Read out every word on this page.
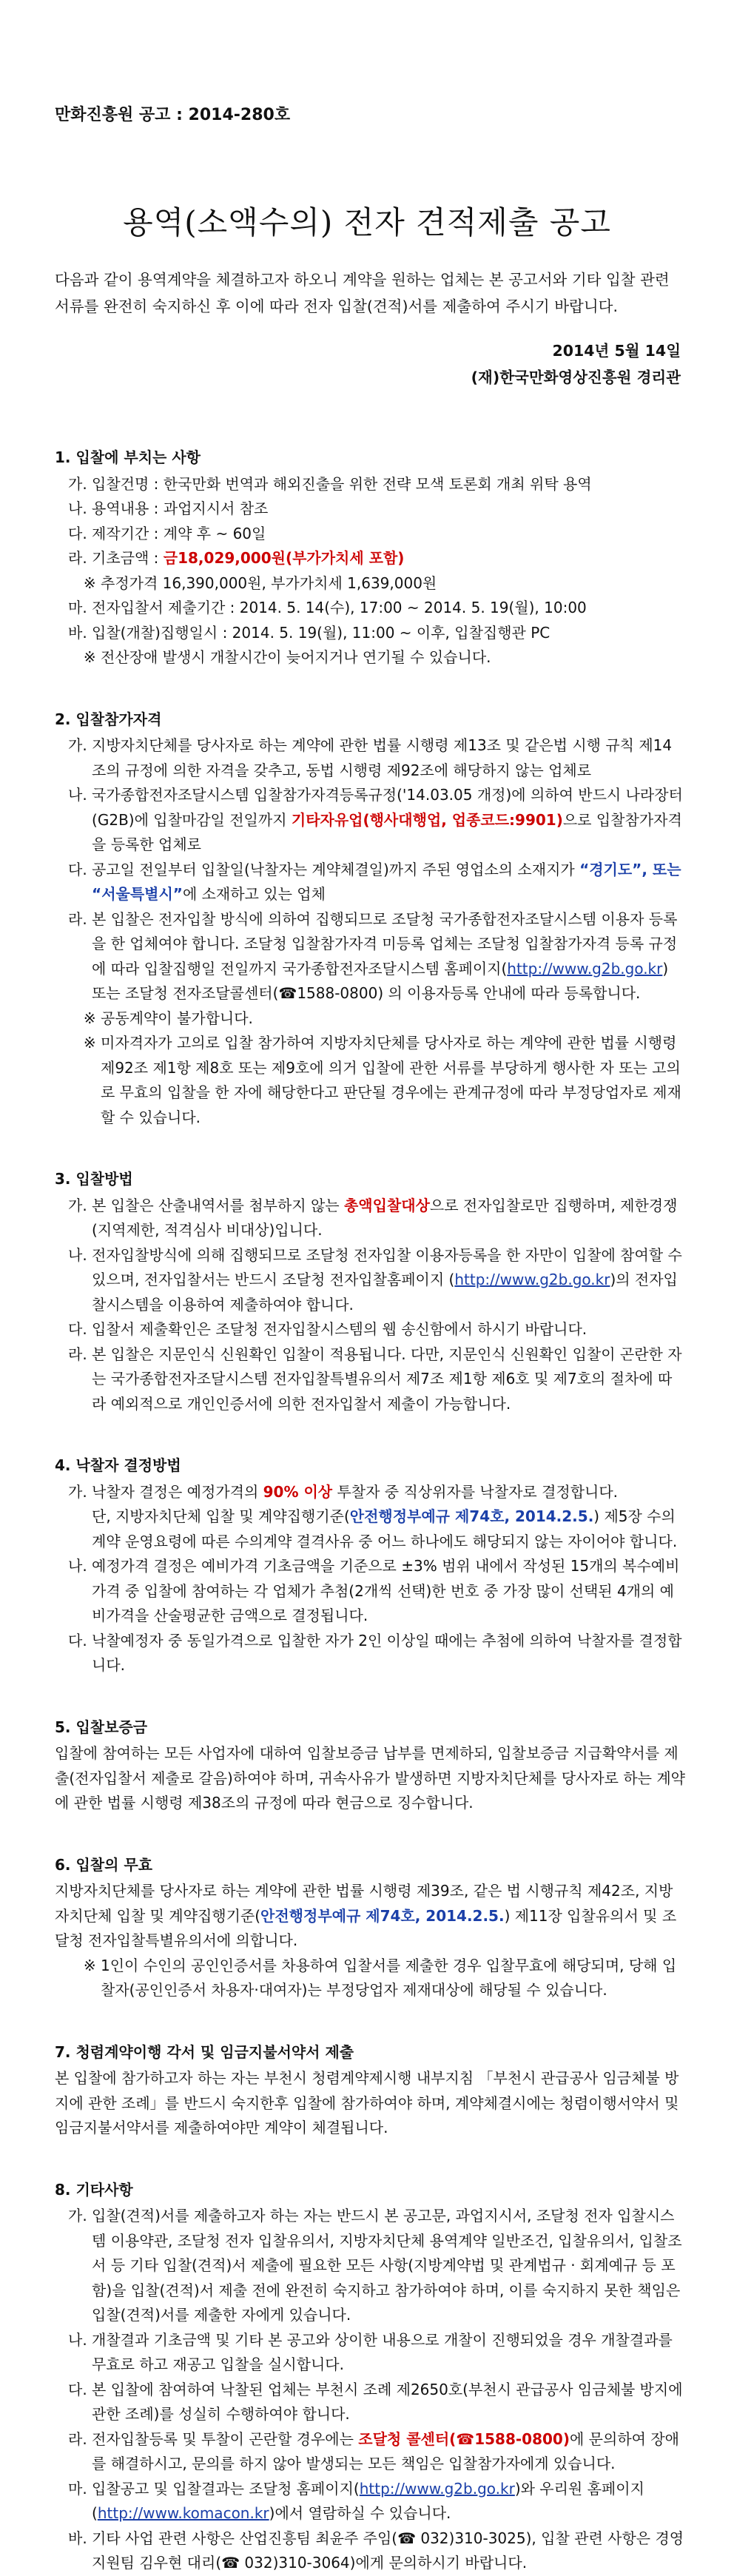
만화진흥원 공고 : 2014-280호
용역(소액수의) 전자 견적제출 공고
다음과 같이 용역계약을 체결하고자 하오니 계약을 원하는 업체는 본 공고서와 기타 입찰 관련서류를 완전히 숙지하신 후 이에 따라 전자 입찰(견적)서를 제출하여 주시기 바랍니다.
2014년 5월 14일
(재)한국만화영상진흥원 경리관
1. 입찰에 부치는 사항
가. 입찰건명 : 한국만화 번역과 해외진출을 위한 전략 모색 토론회 개최 위탁 용역
나. 용역내용 : 과업지시서 참조
다. 제작기간 : 계약 후 ~ 60일
라. 기초금액 : 금18,029,000원(부가가치세 포함)
※ 추정가격 16,390,000원, 부가가치세 1,639,000원
마. 전자입찰서 제출기간 : 2014. 5. 14(수), 17:00 ~ 2014. 5. 19(월), 10:00
바. 입찰(개찰)집행일시 : 2014. 5. 19(월), 11:00 ~ 이후, 입찰집행관 PC
※ 전산장애 발생시 개찰시간이 늦어지거나 연기될 수 있습니다.
2. 입찰참가자격
가. 지방자치단체를 당사자로 하는 계약에 관한 법률 시행령 제13조 및 같은법 시행 규칙 제14조의 규정에 의한 자격을 갖추고, 동법 시행령 제92조에 해당하지 않는 업체로
나. 국가종합전자조달시스템 입찰참가자격등록규정('14.03.05 개정)에 의하여 반드시 나라장터(G2B)에 입찰마감일 전일까지 기타자유업(행사대행업, 업종코드:9901)으로 입찰참가자격을 등록한 업체로
다. 공고일 전일부터 입찰일(낙찰자는 계약체결일)까지 주된 영업소의 소재지가 “경기도”, 또는 “서울특별시”에 소재하고 있는 업체
라. 본 입찰은 전자입찰 방식에 의하여 집행되므로 조달청 국가종합전자조달시스템 이용자 등록을 한 업체여야 합니다. 조달청 입찰참가자격 미등록 업체는 조달청 입찰참가자격 등록 규정에 따라 입찰집행일 전일까지 국가종합전자조달시스템 홈페이지(http://www.g2b.go.kr) 또는 조달청 전자조달콜센터(☎1588-0800) 의 이용자등록 안내에 따라 등록합니다.
※ 공동계약이 불가합니다.
※ 미자격자가 고의로 입찰 참가하여 지방자치단체를 당사자로 하는 계약에 관한 법률 시행령 제92조 제1항 제8호 또는 제9호에 의거 입찰에 관한 서류를 부당하게 행사한 자 또는 고의로 무효의 입찰을 한 자에 해당한다고 판단될 경우에는 관계규정에 따라 부정당업자로 제재할 수 있습니다.
3. 입찰방법
가. 본 입찰은 산출내역서를 첨부하지 않는 총액입찰대상으로 전자입찰로만 집행하며, 제한경쟁(지역제한, 적격심사 비대상)입니다.
나. 전자입찰방식에 의해 집행되므로 조달청 전자입찰 이용자등록을 한 자만이 입찰에 참여할 수 있으며, 전자입찰서는 반드시 조달청 전자입찰홈페이지 (http://www.g2b.go.kr)의 전자입찰시스템을 이용하여 제출하여야 합니다.
다. 입찰서 제출확인은 조달청 전자입찰시스템의 웹 송신함에서 하시기 바랍니다.
라. 본 입찰은 지문인식 신원확인 입찰이 적용됩니다. 다만, 지문인식 신원확인 입찰이 곤란한 자는 국가종합전자조달시스템 전자입찰특별유의서 제7조 제1항 제6호 및 제7호의 절차에 따라 예외적으로 개인인증서에 의한 전자입찰서 제출이 가능합니다.
4. 낙찰자 결정방법
가. 낙찰자 결정은 예정가격의 90% 이상 투찰자 중 직상위자를 낙찰자로 결정합니다.
단, 지방자치단체 입찰 및 계약집행기준(안전행정부예규 제74호, 2014.2.5.) 제5장 수의계약 운영요령에 따른 수의계약 결격사유 중 어느 하나에도 해당되지 않는 자이어야 합니다.
나. 예정가격 결정은 예비가격 기초금액을 기준으로 ±3% 범위 내에서 작성된 15개의 복수예비가격 중 입찰에 참여하는 각 업체가 추첨(2개씩 선택)한 번호 중 가장 많이 선택된 4개의 예비가격을 산술평균한 금액으로 결정됩니다.
다. 낙찰예정자 중 동일가격으로 입찰한 자가 2인 이상일 때에는 추첨에 의하여 낙찰자를 결정합니다.
5. 입찰보증금
입찰에 참여하는 모든 사업자에 대하여 입찰보증금 납부를 면제하되, 입찰보증금 지급확약서를 제출(전자입찰서 제출로 갈음)하여야 하며, 귀속사유가 발생하면 지방자치단체를 당사자로 하는 계약에 관한 법률 시행령 제38조의 규정에 따라 현금으로 징수합니다.
6. 입찰의 무효
지방자치단체를 당사자로 하는 계약에 관한 법률 시행령 제39조, 같은 법 시행규칙 제42조, 지방자치단체 입찰 및 계약집행기준(안전행정부예규 제74호, 2014.2.5.) 제11장 입찰유의서 및 조달청 전자입찰특별유의서에 의합니다.
※ 1인이 수인의 공인인증서를 차용하여 입찰서를 제출한 경우 입찰무효에 해당되며, 당해 입찰자(공인인증서 차용자·대여자)는 부정당업자 제재대상에 해당될 수 있습니다.
7. 청렴계약이행 각서 및 임금지불서약서 제출
본 입찰에 참가하고자 하는 자는 부천시 청렴계약제시행 내부지침 「부천시 관급공사 임금체불 방지에 관한 조례」를 반드시 숙지한후 입찰에 참가하여야 하며, 계약체결시에는 청렴이행서약서 및 임금지불서약서를 제출하여야만 계약이 체결됩니다.
8. 기타사항
가. 입찰(견적)서를 제출하고자 하는 자는 반드시 본 공고문, 과업지시서, 조달청 전자 입찰시스템 이용약관, 조달청 전자 입찰유의서, 지방자치단체 용역계약 일반조건, 입찰유의서, 입찰조서 등 기타 입찰(견적)서 제출에 필요한 모든 사항(지방계약법 및 관계법규 · 회계예규 등 포함)을 입찰(견적)서 제출 전에 완전히 숙지하고 참가하여야 하며, 이를 숙지하지 못한 책임은 입찰(견적)서를 제출한 자에게 있습니다.
나. 개찰결과 기초금액 및 기타 본 공고와 상이한 내용으로 개찰이 진행되었을 경우 개찰결과를 무효로 하고 재공고 입찰을 실시합니다.
다. 본 입찰에 참여하여 낙찰된 업체는 부천시 조례 제2650호(부천시 관급공사 임금체불 방지에 관한 조례)를 성실히 수행하여야 합니다.
라. 전자입찰등록 및 투찰이 곤란할 경우에는 조달청 콜센터(☎1588-0800)에 문의하여 장애를 해결하시고, 문의를 하지 않아 발생되는 모든 책임은 입찰참가자에게 있습니다.
마. 입찰공고 및 입찰결과는 조달청 홈페이지(http://www.g2b.go.kr)와 우리원 홈페이지(http://www.komacon.kr)에서 열람하실 수 있습니다.
바. 기타 사업 관련 사항은 산업진흥팀 최윤주 주임(☎ 032)310-3025), 입찰 관련 사항은 경영지원팀 김우현 대리(☎ 032)310-3064)에게 문의하시기 바랍니다.
